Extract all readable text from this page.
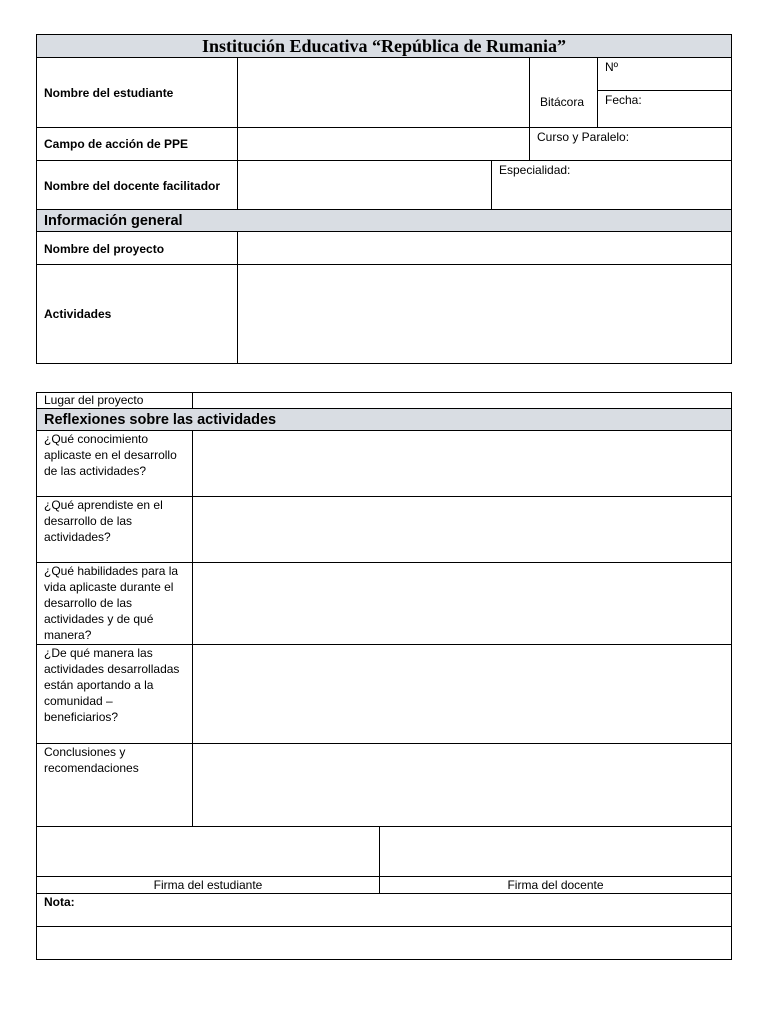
Institución Educativa “República de Rumania”
Nombre del estudiante
Bitácora
Nº
Fecha:
Campo de acción de PPE	Curso y Paralelo:
Nombre del docente facilitador
Especialidad:
Información general
Nombre del proyecto
Actividades
Lugar del proyecto
Reflexiones sobre las actividades
¿Qué conocimiento aplicaste en el desarrollo de las actividades?
¿Qué aprendiste en el desarrollo de las actividades?
¿Qué habilidades para la vida aplicaste durante el desarrollo de las actividades y de qué manera?
¿De qué manera las actividades desarrolladas están aportando a la comunidad – beneficiarios?
Conclusiones y recomendaciones
Firma del estudiante	Firma del docente
Nota:
